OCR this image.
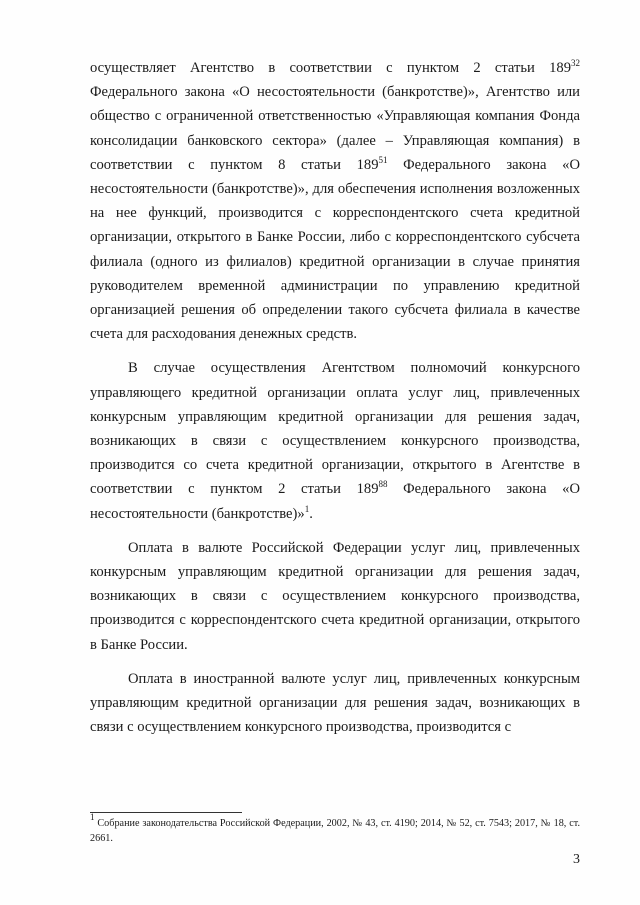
осуществляет Агентство в соответствии с пунктом 2 статьи $189^{32}$ Федерального закона «О несостоятельности (банкротстве)», Агентство или общество с ограниченной ответственностью «Управляющая компания Фонда консолидации банковского сектора» (далее – Управляющая компания) в соответствии с пунктом 8 статьи $189^{51}$ Федерального закона «О несостоятельности (банкротстве)», для обеспечения исполнения возложенных на нее функций, производится с корреспондентского счета кредитной организации, открытого в Банке России, либо с корреспондентского субсчета филиала (одного из филиалов) кредитной организации в случае принятия руководителем временной администрации по управлению кредитной организацией решения об определении такого субсчета филиала в качестве счета для расходования денежных средств.

В случае осуществления Агентством полномочий конкурсного управляющего кредитной организации оплата услуг лиц, привлеченных конкурсным управляющим кредитной организации для решения задач, возникающих в связи с осуществлением конкурсного производства, производится со счета кредитной организации, открытого в Агентстве в соответствии с пунктом 2 статьи $189^{88}$ Федерального закона «О несостоятельности (банкротстве)»$^1$.

Оплата в валюте Российской Федерации услуг лиц, привлеченных конкурсным управляющим кредитной организации для решения задач, возникающих в связи с осуществлением конкурсного производства, производится с корреспондентского счета кредитной организации, открытого в Банке России.

Оплата в иностранной валюте услуг лиц, привлеченных конкурсным управляющим кредитной организации для решения задач, возникающих в связи с осуществлением конкурсного производства, производится с

$^1$ Собрание законодательства Российской Федерации, 2002, № 43, ст. 4190; 2014, № 52, ст. 7543; 2017, № 18, ст. 2661.
3
